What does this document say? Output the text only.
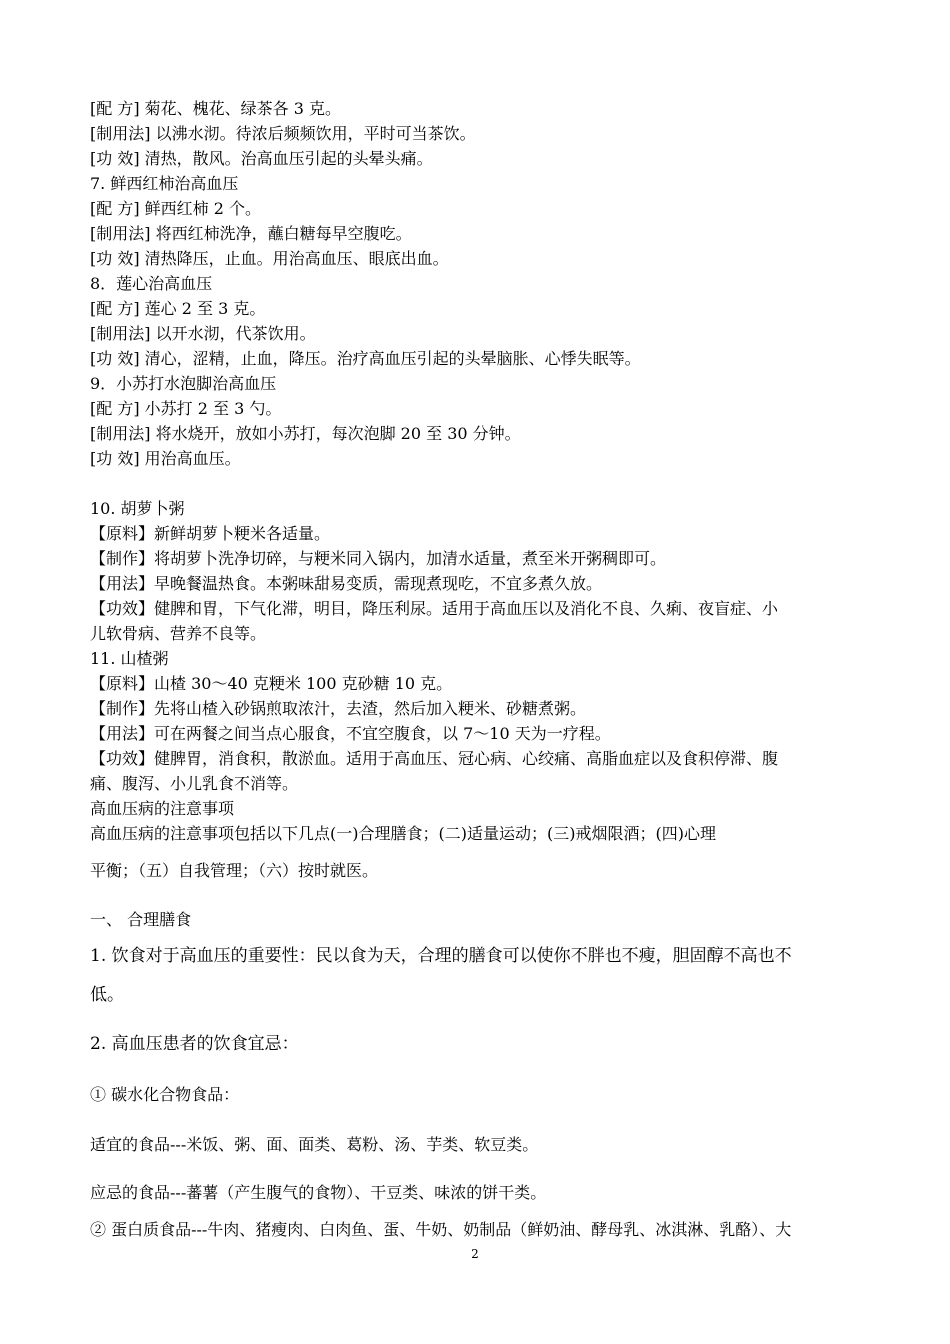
[配 方] 菊花、槐花、绿茶各 3 克。
[制用法] 以沸水沏。待浓后频频饮用，平时可当茶饮。
[功 效] 清热，散风。治高血压引起的头晕头痛。
7. 鲜西红柿治高血压
[配 方] 鲜西红柿 2 个。
[制用法] 将西红柿洗净，蘸白糖每早空腹吃。
[功 效] 清热降压，止血。用治高血压、眼底出血。
8．莲心治高血压
[配 方] 莲心 2 至 3 克。
[制用法] 以开水沏，代茶饮用。
[功 效] 清心，涩精，止血，降压。治疗高血压引起的头晕脑胀、心悸失眠等。
9．小苏打水泡脚治高血压
[配 方] 小苏打 2 至 3 勺。
[制用法] 将水烧开，放如小苏打，每次泡脚 20 至 30 分钟。
[功 效] 用治高血压。
10. 胡萝卜粥
【原料】新鲜胡萝卜粳米各适量。
【制作】将胡萝卜洗净切碎，与粳米同入锅内，加清水适量，煮至米开粥稠即可。
【用法】早晚餐温热食。本粥味甜易变质，需现煮现吃，不宜多煮久放。
【功效】健脾和胃，下气化滞，明目，降压利尿。适用于高血压以及消化不良、久痢、夜盲症、小
儿软骨病、营养不良等。
11. 山楂粥
【原料】山楂 30～40 克粳米 100 克砂糖 10 克。
【制作】先将山楂入砂锅煎取浓汁，去渣，然后加入粳米、砂糖煮粥。
【用法】可在两餐之间当点心服食，不宜空腹食，以 7～10 天为一疗程。
【功效】健脾胃，消食积，散淤血。适用于高血压、冠心病、心绞痛、高脂血症以及食积停滞、腹
痛、腹泻、小儿乳食不消等。
高血压病的注意事项
高血压病的注意事项包括以下几点(一)合理膳食；(二)适量运动；(三)戒烟限酒；(四)心理
平衡；（五）自我管理；（六）按时就医。
一、 合理膳食
1. 饮食对于高血压的重要性：民以食为天，合理的膳食可以使你不胖也不瘦，胆固醇不高也不
低。
2. 高血压患者的饮食宜忌：
① 碳水化合物食品：
适宜的食品---米饭、粥、面、面类、葛粉、汤、芋类、软豆类。
应忌的食品---蕃薯（产生腹气的食物）、干豆类、味浓的饼干类。
② 蛋白质食品---牛肉、猪瘦肉、白肉鱼、蛋、牛奶、奶制品（鲜奶油、酵母乳、冰淇淋、乳酪）、大
2
